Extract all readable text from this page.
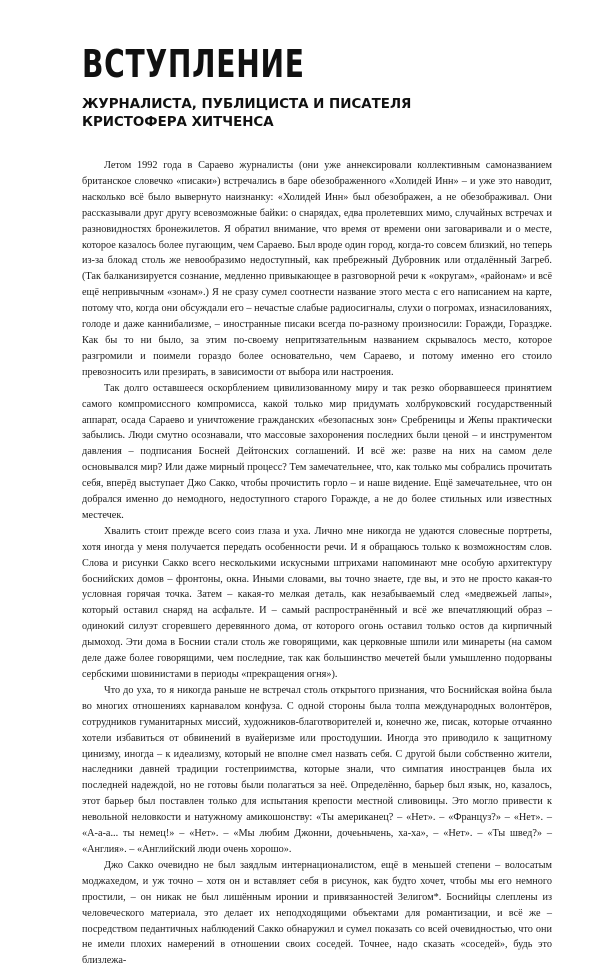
ВСТУПЛЕНИЕ
ЖУРНАЛИСТА, ПУБЛИЦИСТА И ПИСАТЕЛЯ
КРИСТОФЕРА ХИТЧЕНСА

Летом 1992 года в Сараево журналисты (они уже аннексировали коллективным самоназванием британское словечко «писаки») встречались в баре обезображенного «Холидей Инн» – и уже это наводит, насколько всё было вывернуто наизнанку: «Холидей Инн» был обезображен, а не обезображивал. Они рассказывали друг другу всевозможные байки: о снарядах, едва пролетевших мимо, случайных встречах и разновидностях бронежилетов. Я обратил внимание, что время от времени они заговаривали и о месте, которое казалось более пугающим, чем Сараево. Был вроде один город, когда-то совсем близкий, но теперь из-за блокад столь же невообразимо недоступный, как пребрежный Дубровник или отдалённый Загреб. (Так балканизируется сознание, медленно привыкающее в разговорной речи к «округам», «районам» и всё ещё непривычным «зонам».) Я не сразу сумел соотнести название этого места с его написанием на карте, потому что, когда они обсуждали его – нечастые слабые радиосигналы, слухи о погромах, изнасилованиях, голоде и даже каннибализме, – иностранные писаки всегда по-разному произносили: Горажди, Гораздже. Как бы то ни было, за этим по-своему непритязательным названием скрывалось место, которое разгромили и поимели гораздо более основательно, чем Сараево, и потому именно его стоило превозносить или презирать, в зависимости от выбора или настроения.

Так долго оставшееся оскорблением цивилизованному миру и так резко оборвавшееся принятием самого компромиссного компромисса, какой только мир придумать холбруковский государственный аппарат, осада Сараево и уничтожение гражданских «безопасных зон» Сребреницы и Жепы практически забылись. Люди смутно осознавали, что массовые захоронения последних были ценой – и инструментом давления – подписания Босней Дейтонских соглашений. И всё же: разве на них на самом деле основывался мир? Или даже мирный процесс? Тем замечательнее, что, как только мы собрались прочитать себя, вперёд выступает Джо Сакко, чтобы прочистить горло – и наше видение. Ещё замечательнее, что он добрался именно до немодного, недоступного старого Горажде, а не до более стильных или известных местечек.

Хвалить стоит прежде всего соиз глаза и уха. Лично мне никогда не удаются словесные портреты, хотя иногда у меня получается передать особенности речи. И я обращаюсь только к возможностям слов. Слова и рисунки Сакко всего несколькими искусными штрихами напоминают мне особую архитектуру боснийских домов – фронтоны, окна. Иными словами, вы точно знаете, где вы, и это не просто какая-то условная горячая точка. Затем – какая-то мелкая деталь, как незабываемый след «медвежьей лапы», который оставил снаряд на асфальте. И – самый распространённый и всё же впечатляющий образ – одинокий силуэт сгоревшего деревянного дома, от которого огонь оставил только остов да кирпичный дымоход. Эти дома в Боснии стали столь же говорящими, как церковные шпили или минареты (на самом деле даже более говорящими, чем последние, так как большинство мечетей были умышленно подорваны сербскими шовинистами в периоды «прекращения огня»).

Что до уха, то я никогда раньше не встречал столь открытого признания, что Боснийская война была во многих отношениях карнавалом конфуза. С одной стороны была толпа международных волонтёров, сотрудников гуманитарных миссий, художников-благотворителей и, конечно же, писак, которые отчаянно хотели избавиться от обвинений в вуайеризме или простодушии. Иногда это приводило к защитному цинизму, иногда – к идеализму, который не вполне смел назвать себя. С другой были собственно жители, наследники давней традиции гостеприимства, которые знали, что симпатия иностранцев была их последней надеждой, но не готовы были полагаться за неё. Определённо, барьер был язык, но, казалось, этот барьер был поставлен только для испытания крепости местной сливовицы. Это могло привести к невольной неловкости и натужному амикошонству: «Ты американец? – «Нет». – «Француз?» – «Нет». – «А-а-а... ты немец!» – «Нет». – «Мы любим Джонни, дочеьньчень, ха-ха», – «Нет». – «Ты швед?» – «Англия». – «Английский люди очень хорошо».

Джо Сакко очевидно не был заядлым интернационалистом, ещё в меньшей степени – волосатым моджахедом, и уж точно – хотя он и вставляет себя в рисунок, как будто хочет, чтобы мы его немного простили, – он никак не был лишённым иронии и привязанностей Зелигом*. Боснийцы слеплены из человеческого материала, это делает их неподходящими объектами для романтизации, и всё же – посредством педантичных наблюдений Сакко обнаружил и сумел показать со всей очевидностью, что они не имели плохих намерений в отношении своих соседей. Точнее, надо сказать «соседей», будь это близлежа-
